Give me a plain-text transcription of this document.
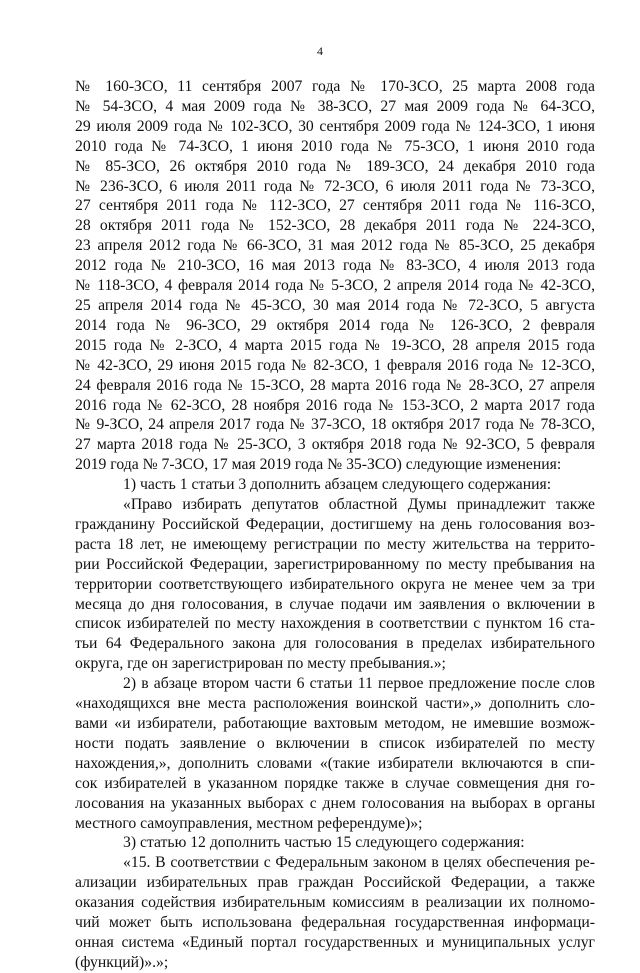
4
№ 160-ЗСО, 11 сентября 2007 года № 170-ЗСО, 25 марта 2008 года
№ 54-ЗСО, 4 мая 2009 года № 38-ЗСО, 27 мая 2009 года № 64-ЗСО,
29 июля 2009 года № 102-ЗСО, 30 сентября 2009 года № 124-ЗСО, 1 июня
2010 года № 74-ЗСО, 1 июня 2010 года № 75-ЗСО, 1 июня 2010 года
№ 85-ЗСО, 26 октября 2010 года № 189-ЗСО, 24 декабря 2010 года
№ 236-ЗСО, 6 июля 2011 года № 72-ЗСО, 6 июля 2011 года № 73-ЗСО,
27 сентября 2011 года № 112-ЗСО, 27 сентября 2011 года № 116-ЗСО,
28 октября 2011 года № 152-ЗСО, 28 декабря 2011 года № 224-ЗСО,
23 апреля 2012 года № 66-ЗСО, 31 мая 2012 года № 85-ЗСО, 25 декабря
2012 года № 210-ЗСО, 16 мая 2013 года № 83-ЗСО, 4 июля 2013 года
№ 118-ЗСО, 4 февраля 2014 года № 5-ЗСО, 2 апреля 2014 года № 42-ЗСО,
25 апреля 2014 года № 45-ЗСО, 30 мая 2014 года № 72-ЗСО, 5 августа
2014 года № 96-ЗСО, 29 октября 2014 года № 126-ЗСО, 2 февраля
2015 года № 2-ЗСО, 4 марта 2015 года № 19-ЗСО, 28 апреля 2015 года
№ 42-ЗСО, 29 июня 2015 года № 82-ЗСО, 1 февраля 2016 года № 12-ЗСО,
24 февраля 2016 года № 15-ЗСО, 28 марта 2016 года № 28-ЗСО, 27 апреля
2016 года № 62-ЗСО, 28 ноября 2016 года № 153-ЗСО, 2 марта 2017 года
№ 9-ЗСО, 24 апреля 2017 года № 37-ЗСО, 18 октября 2017 года № 78-ЗСО,
27 марта 2018 года № 25-ЗСО, 3 октября 2018 года № 92-ЗСО, 5 февраля
2019 года № 7-ЗСО, 17 мая 2019 года № 35-ЗСО) следующие изменения:
1) часть 1 статьи 3 дополнить абзацем следующего содержания:
«Право избирать депутатов областной Думы принадлежит также
гражданину Российской Федерации, достигшему на день голосования воз-
раста 18 лет, не имеющему регистрации по месту жительства на террито-
рии Российской Федерации, зарегистрированному по месту пребывания на
территории соответствующего избирательного округа не менее чем за три
месяца до дня голосования, в случае подачи им заявления о включении в
список избирателей по месту нахождения в соответствии с пунктом 16 ста-
тьи 64 Федерального закона для голосования в пределах избирательного
округа, где он зарегистрирован по месту пребывания.»;
2) в абзаце втором части 6 статьи 11 первое предложение после слов
«находящихся вне места расположения воинской части»,» дополнить сло-
вами «и избиратели, работающие вахтовым методом, не имевшие возмож-
ности подать заявление о включении в список избирателей по месту
нахождения,», дополнить словами «(такие избиратели включаются в спи-
сок избирателей в указанном порядке также в случае совмещения дня го-
лосования на указанных выборах с днем голосования на выборах в органы
местного самоуправления, местном референдуме)»;
3) статью 12 дополнить частью 15 следующего содержания:
«15. В соответствии с Федеральным законом в целях обеспечения ре-
ализации избирательных прав граждан Российской Федерации, а также
оказания содействия избирательным комиссиям в реализации их полномо-
чий может быть использована федеральная государственная информаци-
онная система «Единый портал государственных и муниципальных услуг
(функций)».»;
